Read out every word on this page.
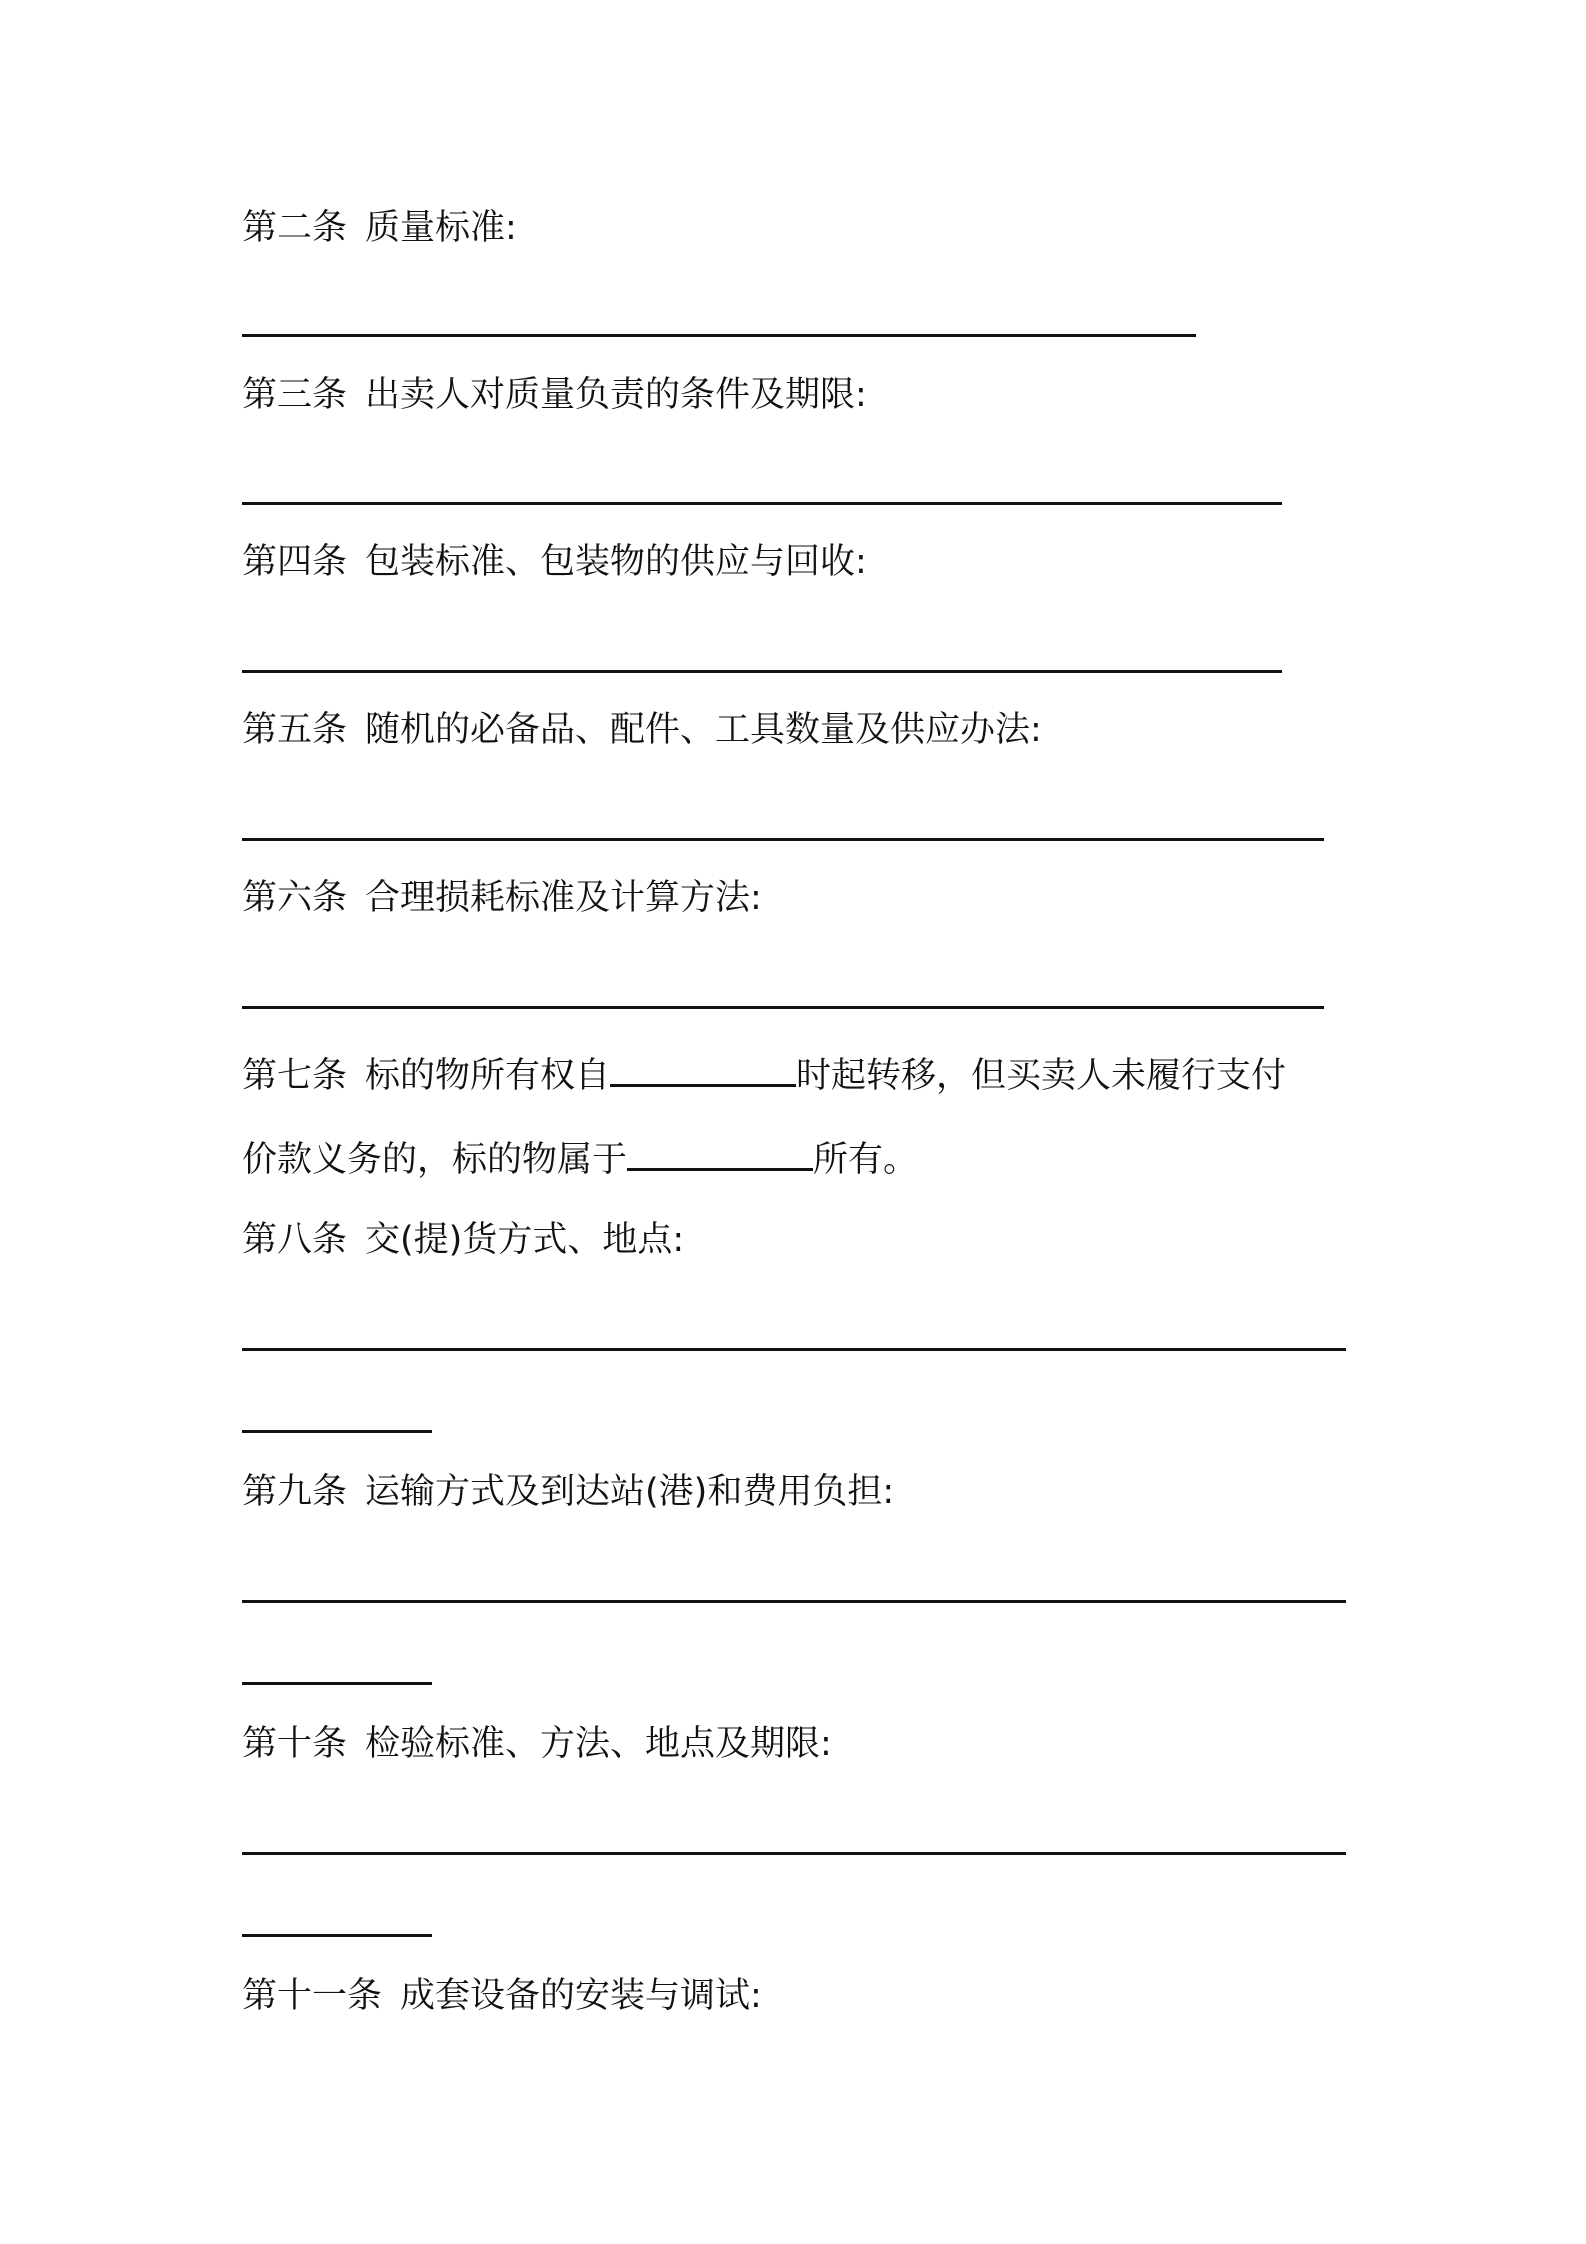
第二条 质量标准:
第三条 出卖人对质量负责的条件及期限:
第四条 包装标准、包装物的供应与回收:
第五条 随机的必备品、配件、工具数量及供应办法:
第六条 合理损耗标准及计算方法:
第七条 标的物所有权自	时起转移，但买卖人未履行支付
价款义务的，标的物属于	所有。
第八条 交(提)货方式、地点:
第九条 运输方式及到达站(港)和费用负担:
第十条 检验标准、方法、地点及期限:
第十一条 成套设备的安装与调试:
